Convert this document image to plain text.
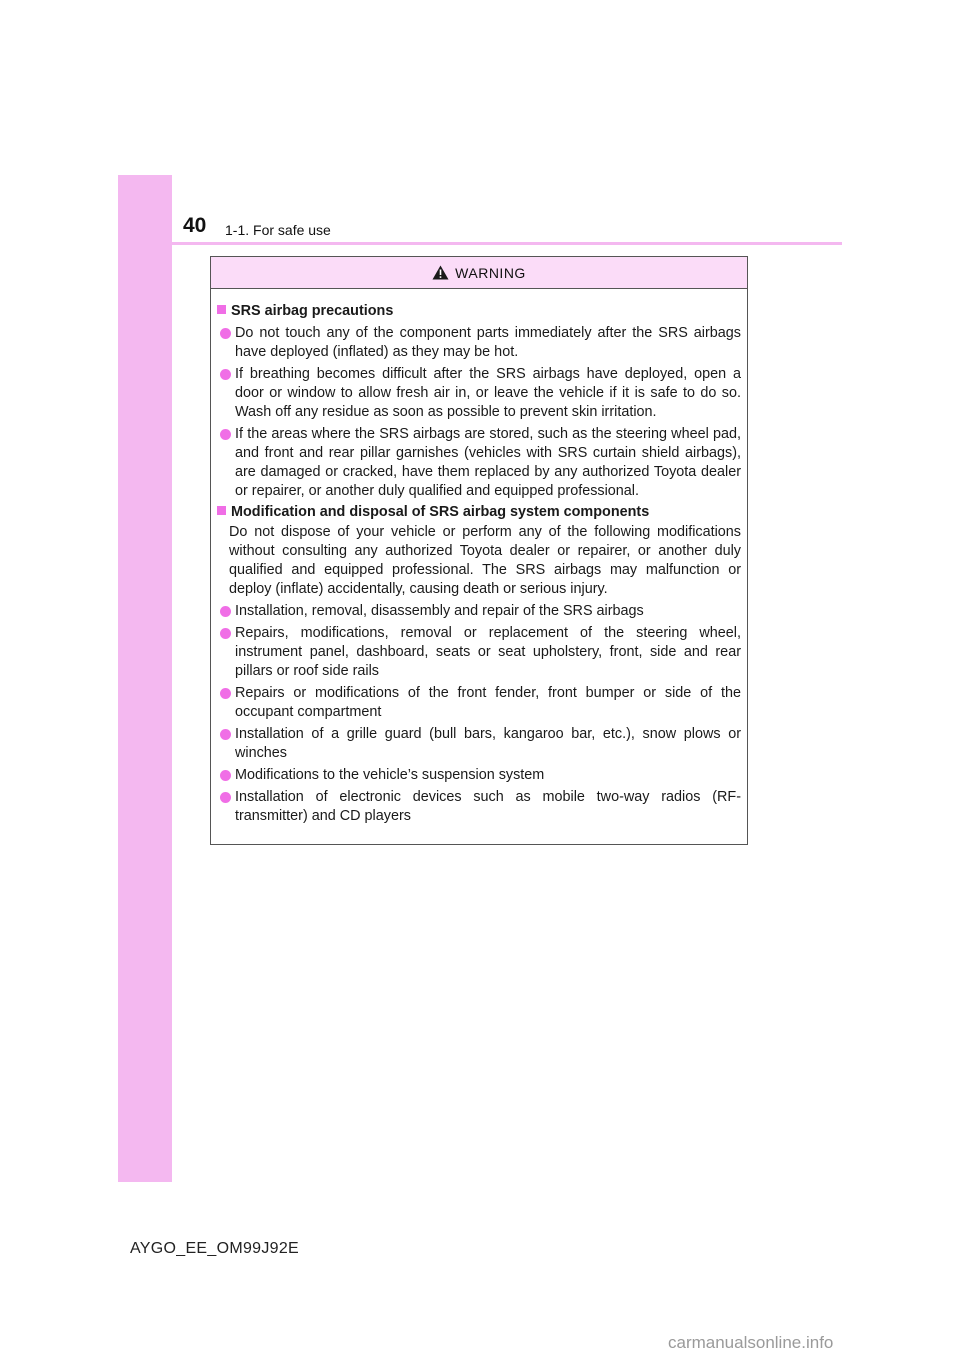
40 1-1. For safe use
WARNING
SRS airbag precautions
Do not touch any of the component parts immediately after the SRS airbags have deployed (inflated) as they may be hot.
If breathing becomes difficult after the SRS airbags have deployed, open a door or window to allow fresh air in, or leave the vehicle if it is safe to do so. Wash off any residue as soon as possible to prevent skin irritation.
If the areas where the SRS airbags are stored, such as the steering wheel pad, and front and rear pillar garnishes (vehicles with SRS curtain shield airbags), are damaged or cracked, have them replaced by any authorized Toyota dealer or repairer, or another duly qualified and equipped professional.
Modification and disposal of SRS airbag system components
Do not dispose of your vehicle or perform any of the following modifications without consulting any authorized Toyota dealer or repairer, or another duly qualified and equipped professional. The SRS airbags may malfunction or deploy (inflate) accidentally, causing death or serious injury.
Installation, removal, disassembly and repair of the SRS airbags
Repairs, modifications, removal or replacement of the steering wheel, instrument panel, dashboard, seats or seat upholstery, front, side and rear pillars or roof side rails
Repairs or modifications of the front fender, front bumper or side of the occupant compartment
Installation of a grille guard (bull bars, kangaroo bar, etc.), snow plows or winches
Modifications to the vehicle’s suspension system
Installation of electronic devices such as mobile two-way radios (RF-transmitter) and CD players
AYGO_EE_OM99J92E
carmanualsonline.info
